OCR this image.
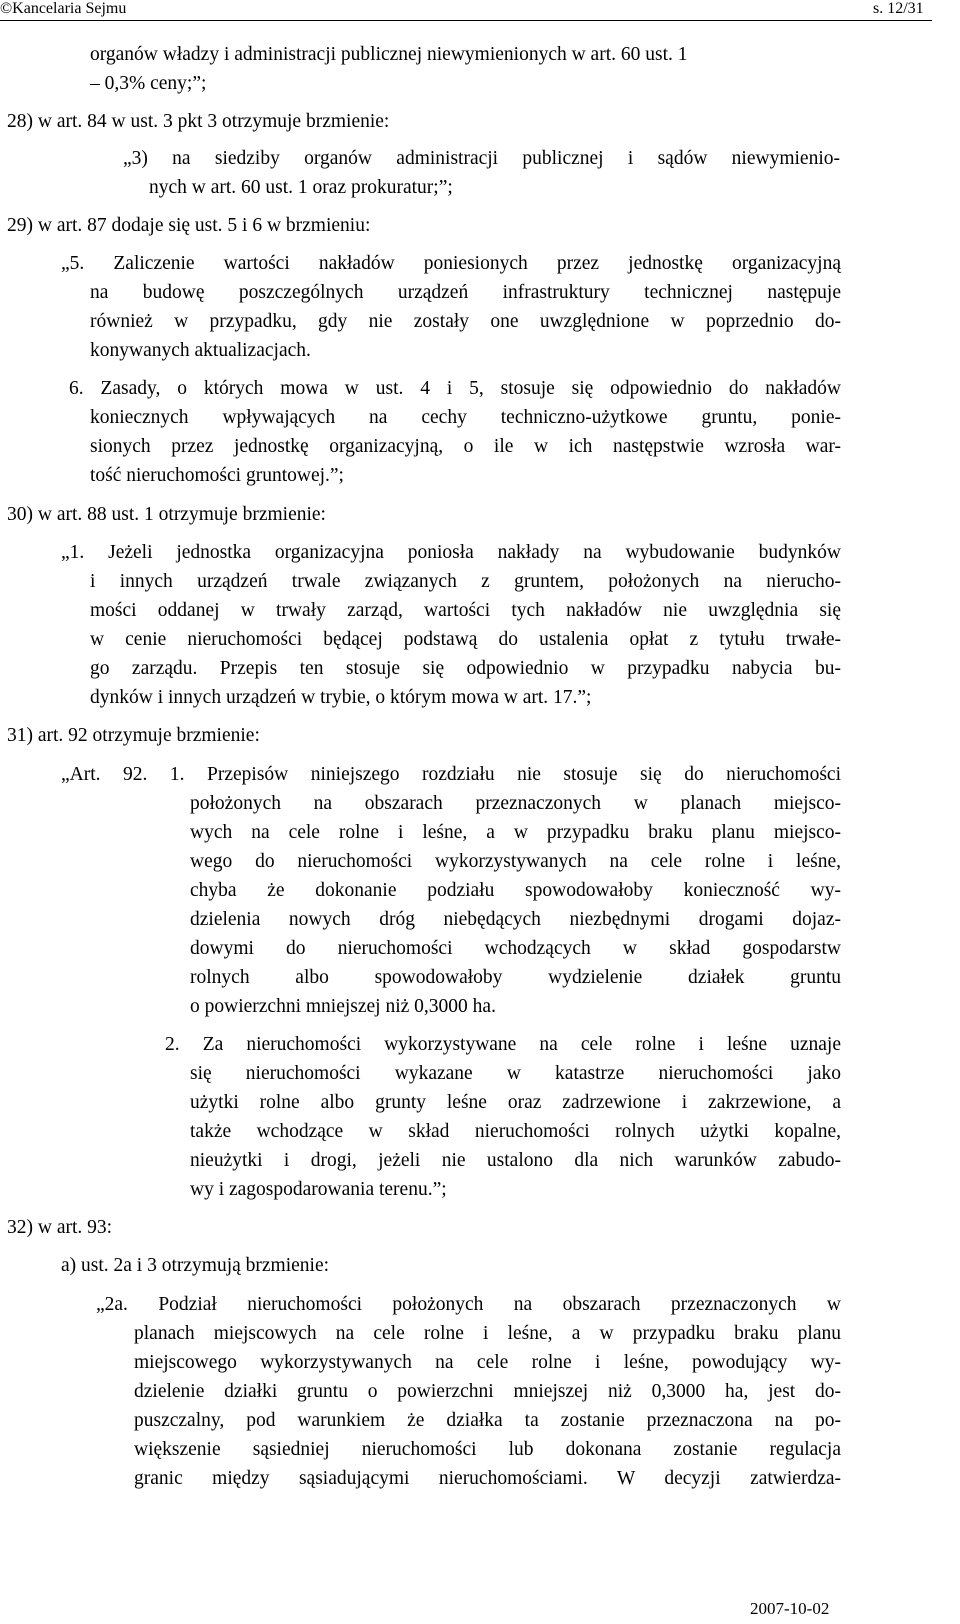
©Kancelaria Sejmu	s. 12/31
organów władzy i administracji publicznej niewymienionych w art. 60 ust. 1
– 0,3% ceny;”;
28) w art. 84 w ust. 3 pkt 3 otrzymuje brzmienie:
„3) na siedziby organów administracji publicznej i sądów niewymienio-
nych w art. 60 ust. 1 oraz prokuratur;”;
29) w art. 87 dodaje się ust. 5 i 6 w brzmieniu:
„5. Zaliczenie wartości nakładów poniesionych przez jednostkę organizacyjną
na budowę poszczególnych urządzeń infrastruktury technicznej następuje
również w przypadku, gdy nie zostały one uwzględnione w poprzednio do-
konywanych aktualizacjach.
6. Zasady, o których mowa w ust. 4 i 5, stosuje się odpowiednio do nakładów
koniecznych wpływających na cechy techniczno-użytkowe gruntu, ponie-
sionych przez jednostkę organizacyjną, o ile w ich następstwie wzrosła war-
tość nieruchomości gruntowej.”;
30) w art. 88 ust. 1 otrzymuje brzmienie:
„1. Jeżeli jednostka organizacyjna poniosła nakłady na wybudowanie budynków
i innych urządzeń trwale związanych z gruntem, położonych na nierucho-
mości oddanej w trwały zarząd, wartości tych nakładów nie uwzględnia się
w cenie nieruchomości będącej podstawą do ustalenia opłat z tytułu trwałe-
go zarządu. Przepis ten stosuje się odpowiednio w przypadku nabycia bu-
dynków i innych urządzeń w trybie, o którym mowa w art. 17.”;
31) art. 92 otrzymuje brzmienie:
„Art. 92. 1. Przepisów niniejszego rozdziału nie stosuje się do nieruchomości
położonych na obszarach przeznaczonych w planach miejsco-
wych na cele rolne i leśne, a w przypadku braku planu miejsco-
wego do nieruchomości wykorzystywanych na cele rolne i leśne,
chyba że dokonanie podziału spowodowałoby konieczność wy-
dzielenia nowych dróg niebędących niezbędnymi drogami dojaz-
dowymi do nieruchomości wchodzących w skład gospodarstw
rolnych albo spowodowałoby wydzielenie działek gruntu
o powierzchni mniejszej niż 0,3000 ha.
2. Za nieruchomości wykorzystywane na cele rolne i leśne uznaje
się nieruchomości wykazane w katastrze nieruchomości jako
użytki rolne albo grunty leśne oraz zadrzewione i zakrzewione, a
także wchodzące w skład nieruchomości rolnych użytki kopalne,
nieużytki i drogi, jeżeli nie ustalono dla nich warunków zabudo-
wy i zagospodarowania terenu.”;
32) w art. 93:
a) ust. 2a i 3 otrzymują brzmienie:
„2a. Podział nieruchomości położonych na obszarach przeznaczonych w
planach miejscowych na cele rolne i leśne, a w przypadku braku planu
miejscowego wykorzystywanych na cele rolne i leśne, powodujący wy-
dzielenie działki gruntu o powierzchni mniejszej niż 0,3000 ha, jest do-
puszczalny, pod warunkiem że działka ta zostanie przeznaczona na po-
większenie sąsiedniej nieruchomości lub dokonana zostanie regulacja
granic między sąsiadującymi nieruchomościami. W decyzji zatwierdza-
2007-10-02
